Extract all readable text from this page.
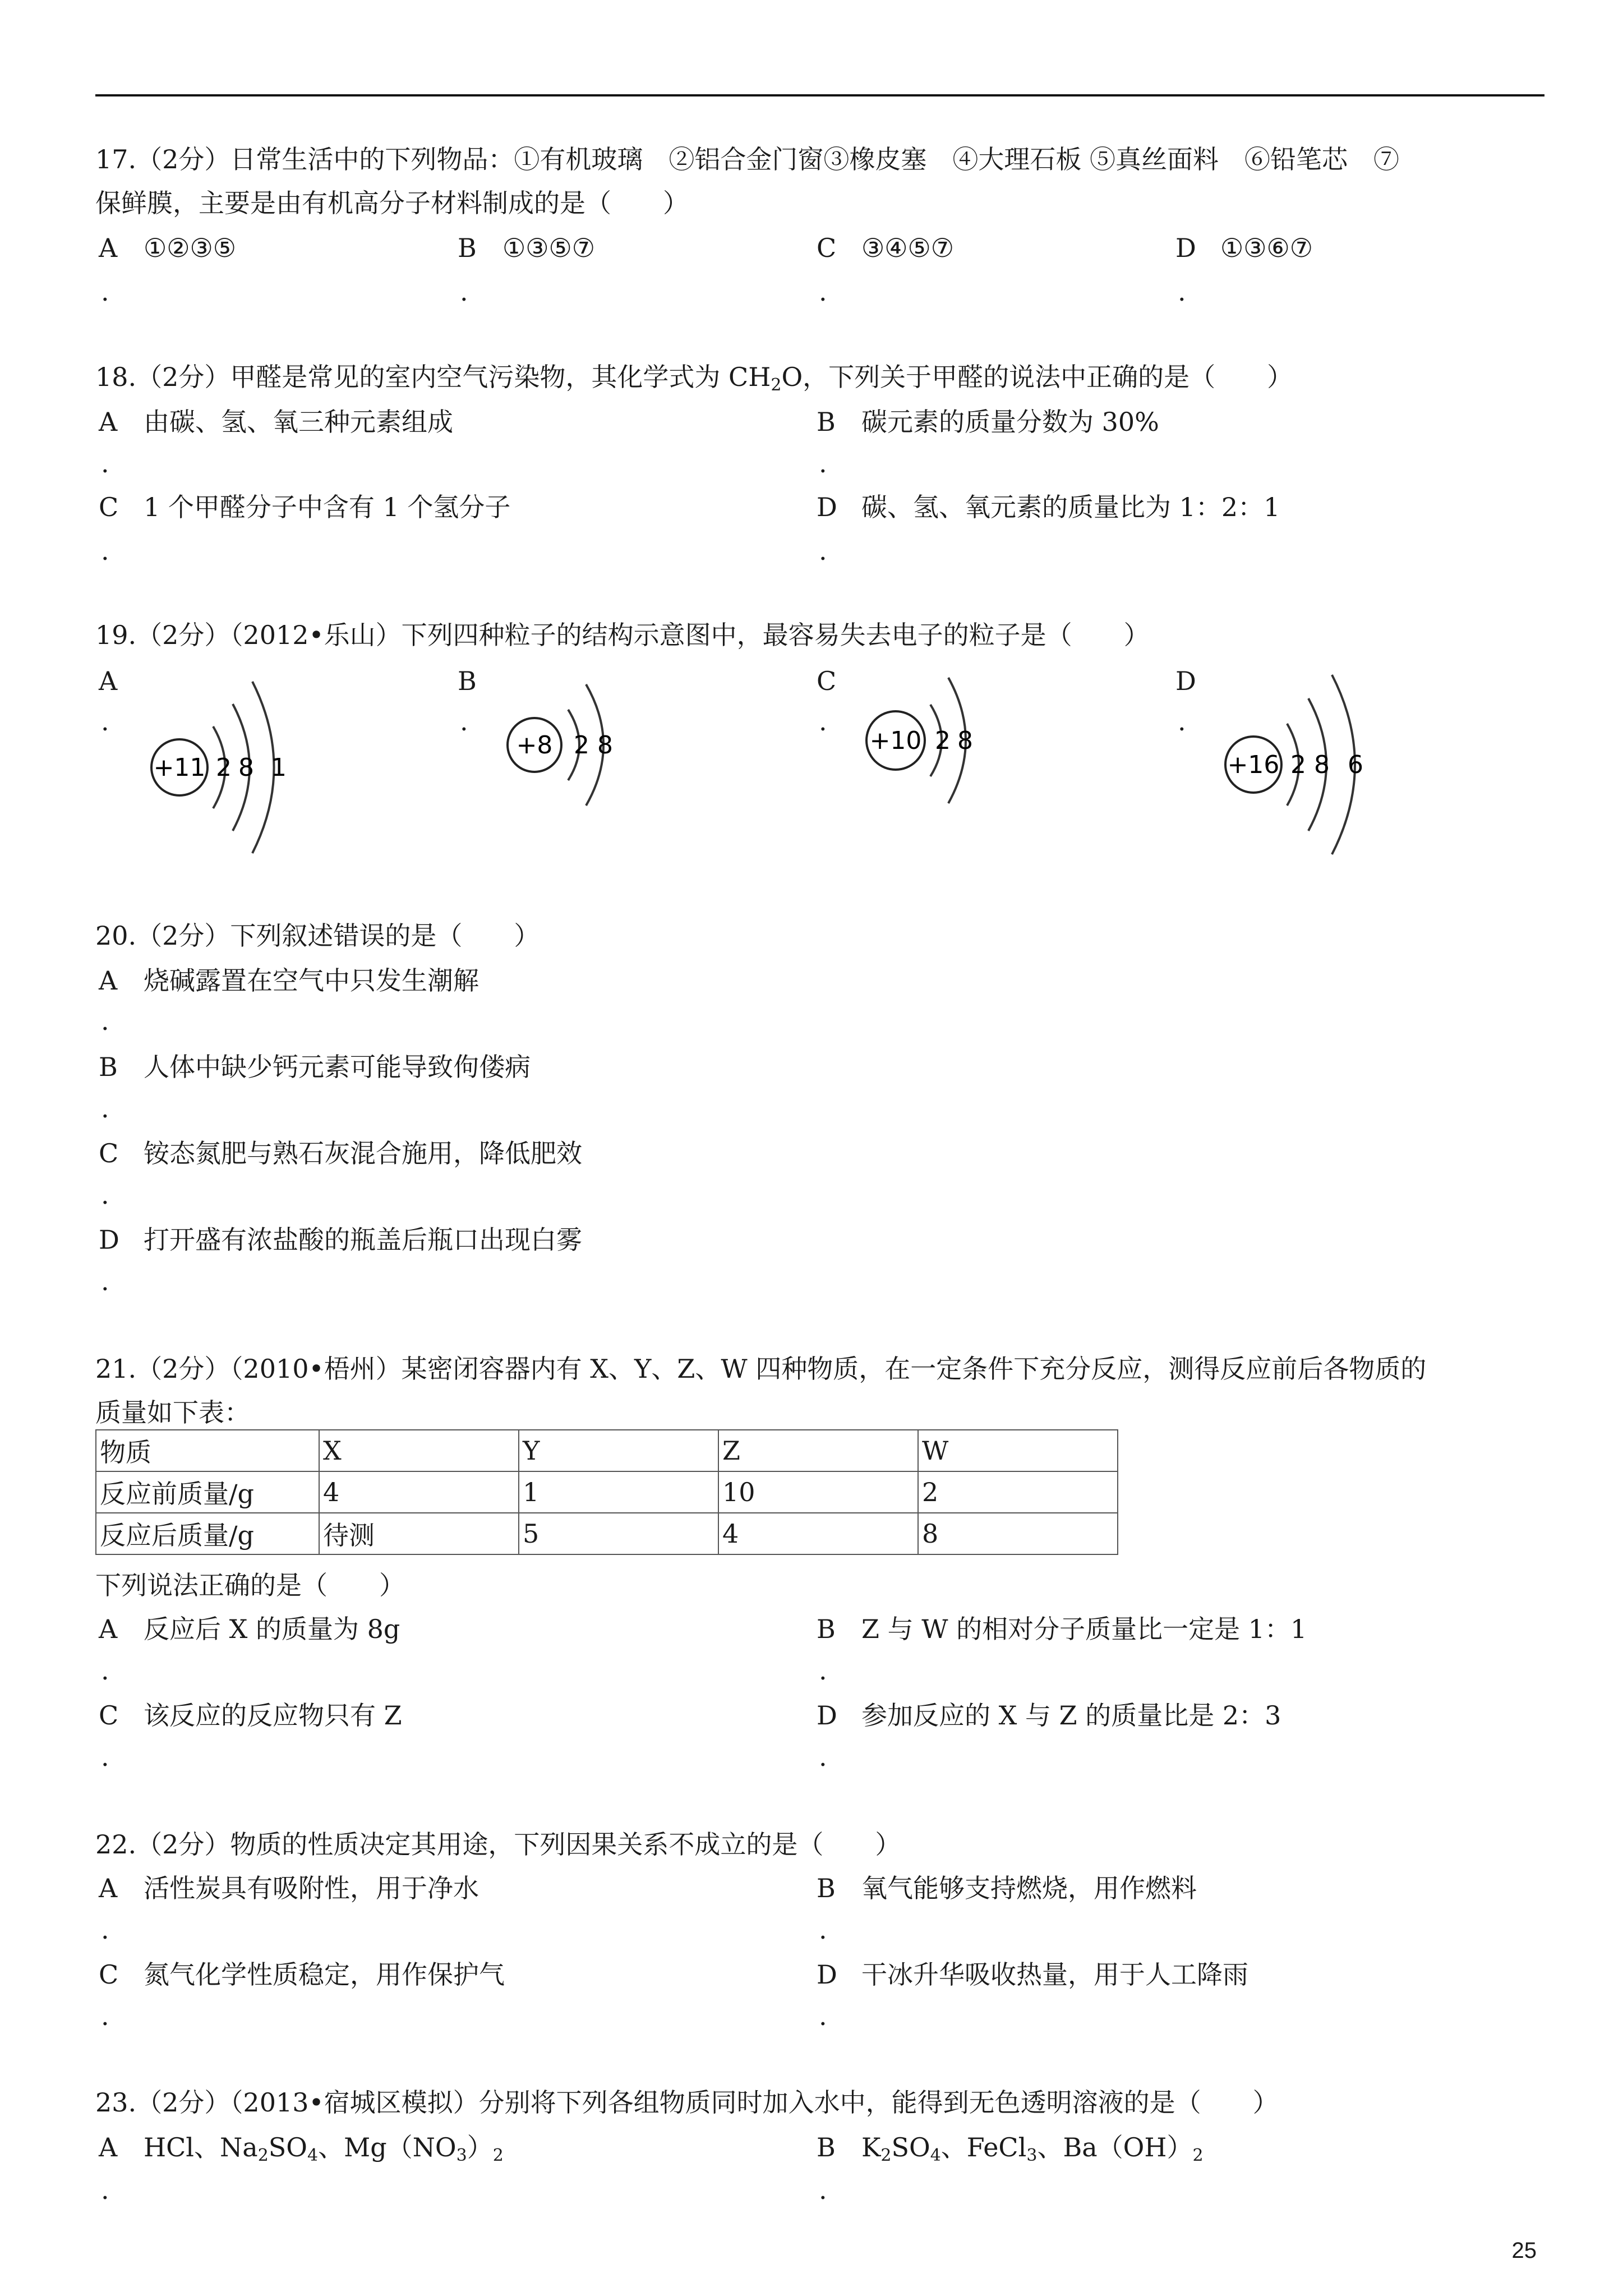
17.（2分）日常生活中的下列物品：①有机玻璃　②铝合金门窗③橡皮塞　④大理石板 ⑤真丝面料　⑥铅笔芯　⑦
保鲜膜，主要是由有机高分子材料制成的是（　　）
A ①②③⑤	B ①③⑤⑦	C ③④⑤⑦	D ①③⑥⑦
.	.	.	.
18.（2分）甲醛是常见的室内空气污染物，其化学式为 $CH_2O$，下列关于甲醛的说法中正确的是（　　）
A 由碳、氢、氧三种元素组成	B 碳元素的质量分数为 30%
.	.
C 1 个甲醛分子中含有 1 个氢分子	D 碳、氢、氧元素的质量比为 1：2：1
.	.
19.（2分）（2012•乐山）下列四种粒子的结构示意图中，最容易失去电子的粒子是（　　）
A
.
+11 2 8 1
B
.
+8 2 8
C
.
+10 2 8
D
.
+16 2 8 6
20.（2分）下列叙述错误的是（　　）
A 烧碱露置在空气中只发生潮解
.
B 人体中缺少钙元素可能导致佝偻病
.
C 铵态氮肥与熟石灰混合施用，降低肥效
.
D 打开盛有浓盐酸的瓶盖后瓶口出现白雾
.
21.（2分）（2010•梧州）某密闭容器内有 X、Y、Z、W 四种物质，在一定条件下充分反应，测得反应前后各物质的
质量如下表：
物质	X	Y	Z	W
反应前质量/g	4	1	10	2
反应后质量/g	待测	5	4	8
下列说法正确的是（　　）
A 反应后 X 的质量为 8g	B Z 与 W 的相对分子质量比一定是 1：1
.	.
C 该反应的反应物只有 Z	D 参加反应的 X 与 Z 的质量比是 2：3
.	.
22.（2分）物质的性质决定其用途，下列因果关系不成立的是（　　）
A 活性炭具有吸附性，用于净水	B 氧气能够支持燃烧，用作燃料
.	.
C 氮气化学性质稳定，用作保护气	D 干冰升华吸收热量，用于人工降雨
.	.
23.（2分）（2013•宿城区模拟）分别将下列各组物质同时加入水中，能得到无色透明溶液的是（　　）
A HCl、$Na_2SO_4$、$Mg(NO_3)_2$	B $K_2SO_4$、FeCl$_3$、$Ba(OH)_2$
.	.
25
